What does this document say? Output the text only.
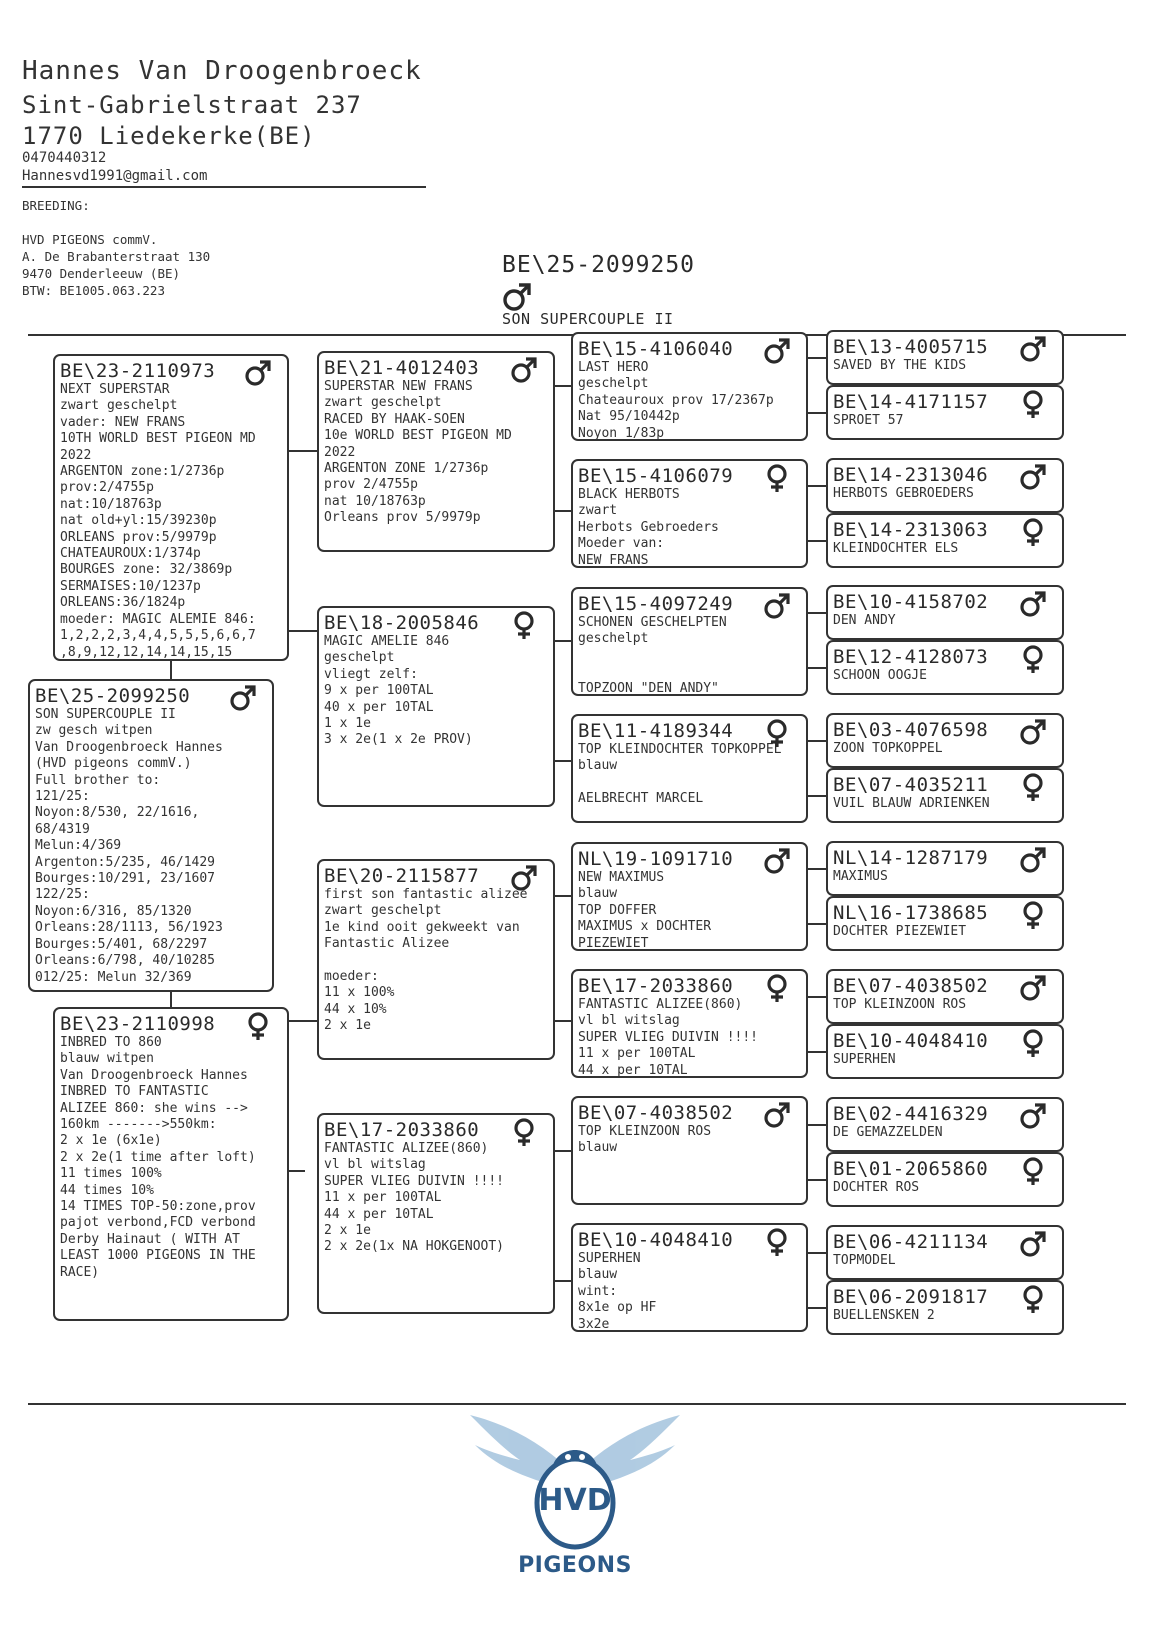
Hannes Van Droogenbroeck
Sint-Gabrielstraat 237
1770 Liedekerke(BE)
0470440312
Hannesvd1991@gmail.com
BREEDING:
HVD PIGEONS commV.
A. De Brabanterstraat 130
9470 Denderleeuw (BE)
BTW: BE1005.063.223
BE\25-2099250
SON SUPERCOUPLE II
BE\25-2099250
SON SUPERCOUPLE II
zw gesch witpen
Van Droogenbroeck Hannes
(HVD pigeons commV.)
Full brother to:
121/25:
Noyon:8/530, 22/1616,
68/4319
Melun:4/369
Argenton:5/235, 46/1429
Bourges:10/291, 23/1607
122/25:
Noyon:6/316, 85/1320
Orleans:28/1113, 56/1923
Bourges:5/401, 68/2297
Orleans:6/798, 40/10285
012/25: Melun 32/369
BE\23-2110973
NEXT SUPERSTAR
zwart geschelpt
vader: NEW FRANS
10TH WORLD BEST PIGEON MD
2022
ARGENTON zone:1/2736p
prov:2/4755p
nat:10/18763p
nat old+yl:15/39230p
ORLEANS prov:5/9979p
CHATEAUROUX:1/374p
BOURGES zone: 32/3869p
SERMAISES:10/1237p
ORLEANS:36/1824p
moeder: MAGIC ALEMIE 846:
1,2,2,2,3,4,4,5,5,5,6,6,7
,8,9,12,12,14,14,15,15
BE\23-2110998
INBRED TO 860
blauw witpen
Van Droogenbroeck Hannes
INBRED TO FANTASTIC
ALIZEE 860: she wins -->
160km ------->550km:
2 x 1e (6x1e)
2 x 2e(1 time after loft)
11 times 100%
44 times 10%
14 TIMES TOP-50:zone,prov
pajot verbond,FCD verbond
Derby Hainaut ( WITH AT
LEAST 1000 PIGEONS IN THE
RACE)
BE\21-4012403
SUPERSTAR NEW FRANS
zwart geschelpt
RACED BY HAAK-SOEN
10e WORLD BEST PIGEON MD
2022
ARGENTON ZONE 1/2736p
prov 2/4755p
nat 10/18763p
Orleans prov 5/9979p
BE\18-2005846
MAGIC AMELIE 846
geschelpt
vliegt zelf:
9 x per 100TAL
40 x per 10TAL
1 x 1e
3 x 2e(1 x 2e PROV)
BE\20-2115877
first son fantastic alizee
zwart geschelpt
1e kind ooit gekweekt van
Fantastic Alizee

moeder:
11 x 100%
44 x 10%
2 x 1e
BE\17-2033860
FANTASTIC ALIZEE(860)
vl bl witslag
SUPER VLIEG DUIVIN !!!!
11 x per 100TAL
44 x per 10TAL
2 x 1e
2 x 2e(1x NA HOKGENOOT)
BE\15-4106040
LAST HERO
geschelpt
Chateauroux prov 17/2367p
Nat 95/10442p
Noyon 1/83p
BE\15-4106079
BLACK HERBOTS
zwart
Herbots Gebroeders
Moeder van:
NEW FRANS
BE\15-4097249
SCHONEN GESCHELPTEN
geschelpt

TOPZOON "DEN ANDY"
BE\11-4189344
TOP KLEINDOCHTER TOPKOPPEL
blauw

AELBRECHT MARCEL
NL\19-1091710
NEW MAXIMUS
blauw
TOP DOFFER
MAXIMUS x DOCHTER
PIEZEWIET
BE\17-2033860
FANTASTIC ALIZEE(860)
vl bl witslag
SUPER VLIEG DUIVIN !!!!
11 x per 100TAL
44 x per 10TAL
BE\07-4038502
TOP KLEINZOON ROS
blauw
BE\10-4048410
SUPERHEN
blauw
wint:
8x1e op HF
3x2e
BE\13-4005715
SAVED BY THE KIDS
BE\14-4171157
SPROET 57
BE\14-2313046
HERBOTS GEBROEDERS
BE\14-2313063
KLEINDOCHTER ELS
BE\10-4158702
DEN ANDY
BE\12-4128073
SCHOON OOGJE
BE\03-4076598
ZOON TOPKOPPEL
BE\07-4035211
VUIL BLAUW ADRIENKEN
NL\14-1287179
MAXIMUS
NL\16-1738685
DOCHTER PIEZEWIET
BE\07-4038502
TOP KLEINZOON ROS
BE\10-4048410
SUPERHEN
BE\02-4416329
DE GEMAZZELDEN
BE\01-2065860
DOCHTER ROS
BE\06-4211134
TOPMODEL
BE\06-2091817
BUELLENSKEN 2
HVD
PIGEONS
